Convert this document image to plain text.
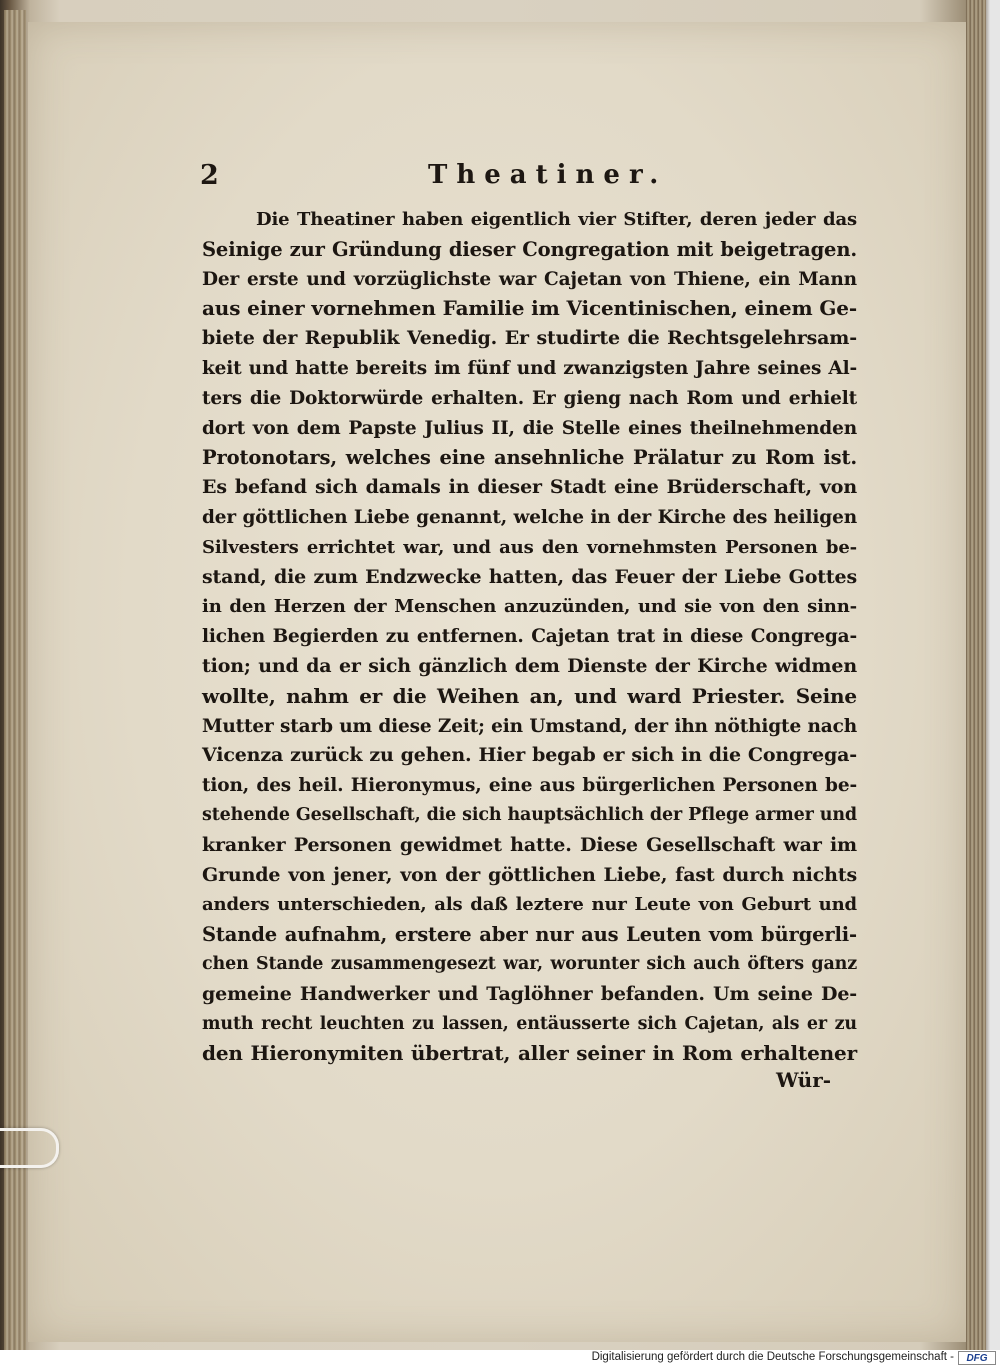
2	Theatiner.
Die Theatiner haben eigentlich vier Stifter, deren jeder das
Seinige zur Gründung dieser Congregation mit beigetragen.
Der erste und vorzüglichste war Cajetan von Thiene, ein Mann
aus einer vornehmen Familie im Vicentinischen, einem Ge-
biete der Republik Venedig. Er studirte die Rechtsgelehrsam-
keit und hatte bereits im fünf und zwanzigsten Jahre seines Al-
ters die Doktorwürde erhalten. Er gieng nach Rom und erhielt
dort von dem Papste Julius II, die Stelle eines theilnehmenden
Protonotars, welches eine ansehnliche Prälatur zu Rom ist.
Es befand sich damals in dieser Stadt eine Brüderschaft, von
der göttlichen Liebe genannt, welche in der Kirche des heiligen
Silvesters errichtet war, und aus den vornehmsten Personen be-
stand, die zum Endzwecke hatten, das Feuer der Liebe Gottes
in den Herzen der Menschen anzuzünden, und sie von den sinn-
lichen Begierden zu entfernen. Cajetan trat in diese Congrega-
tion; und da er sich gänzlich dem Dienste der Kirche widmen
wollte, nahm er die Weihen an, und ward Priester. Seine
Mutter starb um diese Zeit; ein Umstand, der ihn nöthigte nach
Vicenza zurück zu gehen. Hier begab er sich in die Congrega-
tion, des heil. Hieronymus, eine aus bürgerlichen Personen be-
stehende Gesellschaft, die sich hauptsächlich der Pflege armer und
kranker Personen gewidmet hatte. Diese Gesellschaft war im
Grunde von jener, von der göttlichen Liebe, fast durch nichts
anders unterschieden, als daß leztere nur Leute von Geburt und
Stande aufnahm, erstere aber nur aus Leuten vom bürgerli-
chen Stande zusammengesezt war, worunter sich auch öfters ganz
gemeine Handwerker und Taglöhner befanden. Um seine De-
muth recht leuchten zu lassen, entäusserte sich Cajetan, als er zu
den Hieronymiten übertrat, aller seiner in Rom erhaltener
Wür-
Digitalisierung gefördert durch die Deutsche Forschungsgemeinschaft -	DFG
